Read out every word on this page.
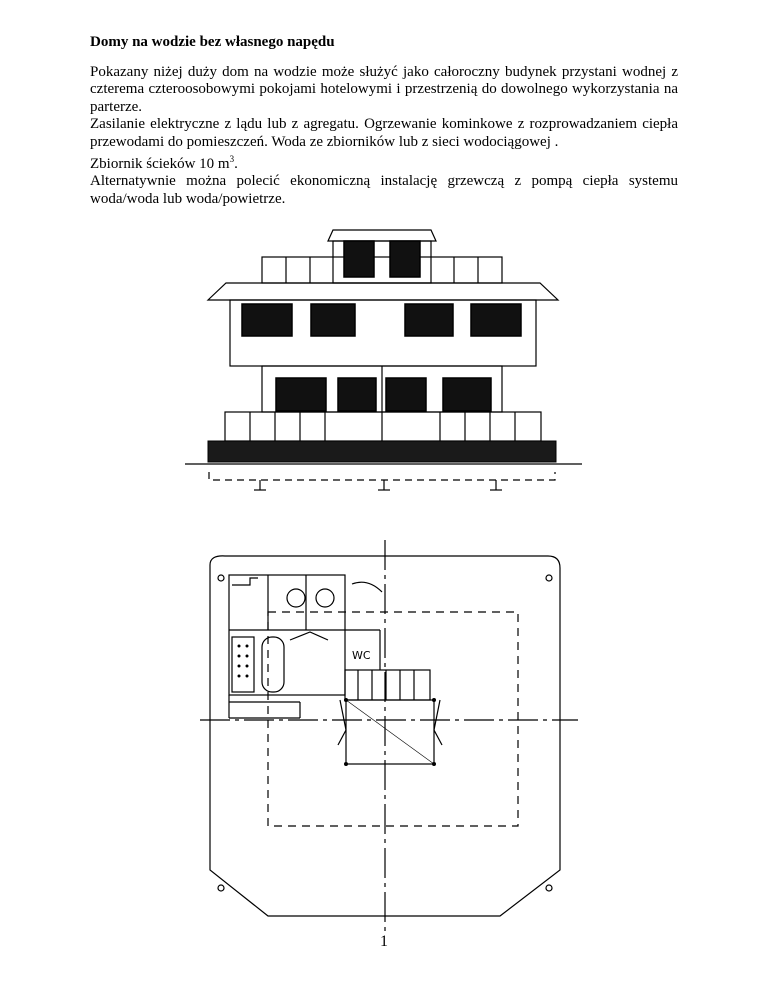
Domy na wodzie bez własnego napędu

Pokazany niżej duży dom na wodzie może służyć jako całoroczny budynek przystani wodnej z czterema czteroosobowymi pokojami hotelowymi i przestrzenią do dowolnego wykorzystania na parterze.

Zasilanie elektryczne z lądu lub z agregatu. Ogrzewanie kominkowe z rozprowadzaniem ciepła przewodami do pomieszczeń. Woda ze zbiorników lub z sieci wodociągowej .

Zbiornik ścieków 10 $m^3$.

Alternatywnie można polecić ekonomiczną instalację grzewczą z pompą ciepła systemu woda/woda lub woda/powietrze.

WC
1
